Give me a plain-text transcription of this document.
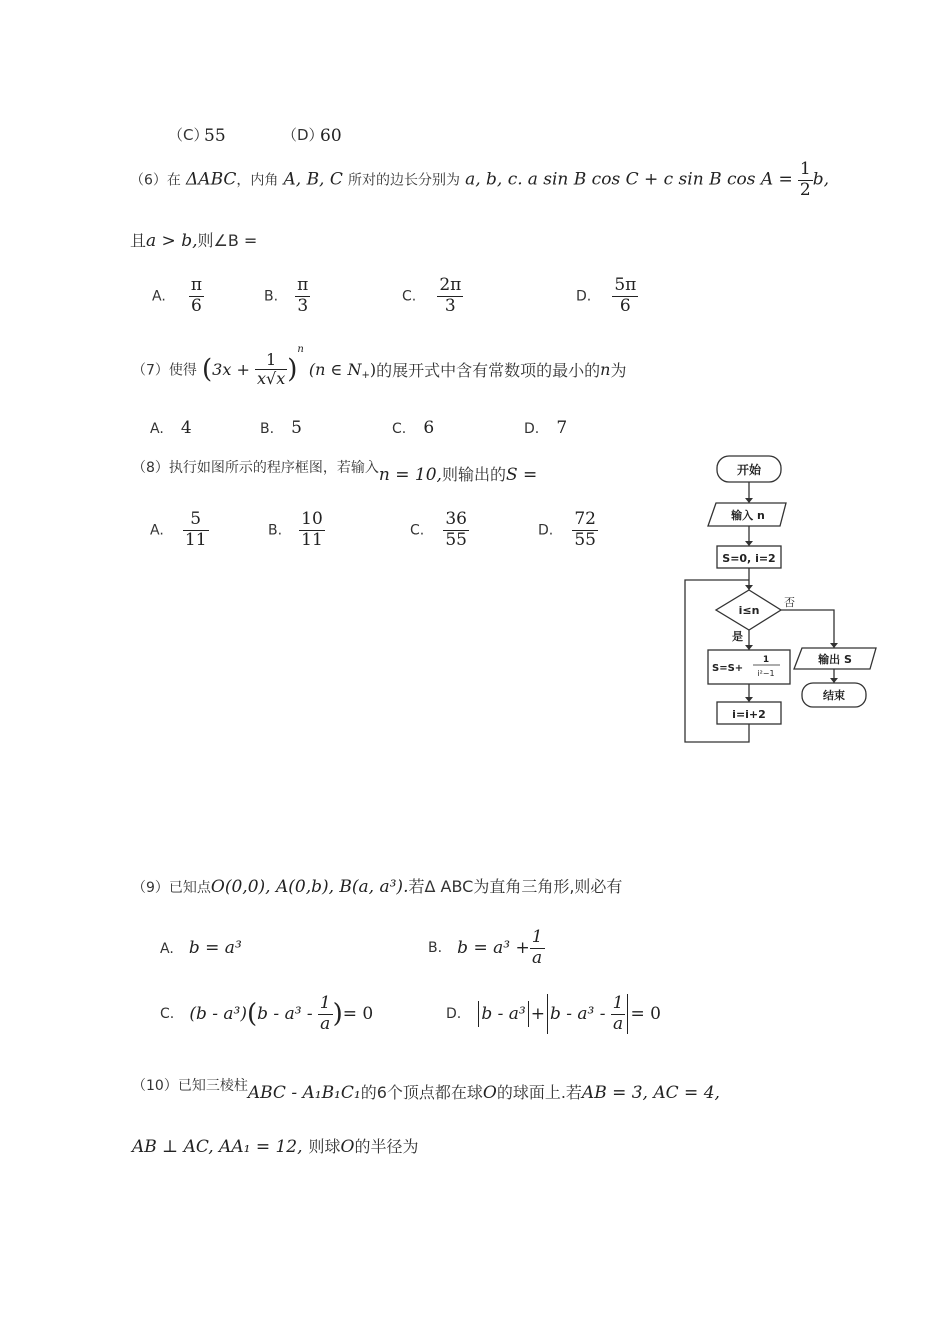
（C）
55	（D）
60
（6）在 ΔABC，内角 A, B, C 所对的边长分别为 a, b, c. a sin B cos C + c sin B $\cos A = \frac{1}{2} b$,
且a > b,则∠B =
A. $\frac{\pi}{6}$	B. $\frac{\pi}{3}$	C. $\frac{2\pi}{3}$	D. $\frac{5\pi}{6}$
（7）使得 $(3x + \frac{1}{x√x} )^n$ (n ∈ $N_+$)的展开式中含有常数项的最小的n为
A. 4	B. 5	C. 6	D. 7
（8）执行如图所示的程序框图，若输入n = 10,则输出的S =
A. $\frac{5}{11}$	B. $\frac{10}{11}$	C. $\frac{36}{55}$	D. $\frac{72}{55}$
开始
输入 n
S=0, i=2
i≤n
否
是
S=S+
1
i²−1
i=i+2
输出 S
结束
（9）已知点O(0,0), A(0,b), B(a, a³).若Δ ABC为直角三角形,则必有
A. b = a³	B. $b = a^3 + \frac{1}{a}$
C. $(b - a^3)(b - a^3 - \frac{1}{a}$ )= 0	D. $b - a^3 + b - a^3 - \frac{1}{a} = 0$
（10）已知三棱柱ABC - A₁B₁C₁的6个顶点都在球O的球面上.若AB = 3, AC = 4,
AB ⊥ AC, AA₁ = 12, 则球O的半径为
